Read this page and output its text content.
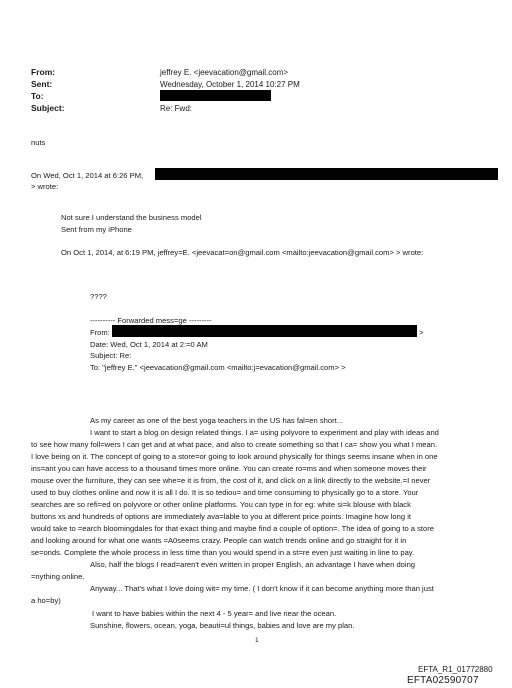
From:	jeffrey E. <jeevacation@gmail.com>
Sent:	Wednesday, October 1, 2014 10:27 PM
To:
Subject:	Re: Fwd:
nuts
On Wed, Oct 1, 2014 at 6:26 PM,
> wrote:
Not sure I understand the business model
Sent from my iPhone
On Oct 1, 2014, at 6:19 PM, jeffrey=E. <jeevacat=on@gmail.com <mailto:jeevacation@gmail.com> > wrote:
????
---------- Forwarded mess=ge ---------
From:	>
Date: Wed, Oct 1, 2014 at 2:=0 AM
Subject: Re:
To: "jeffrey E." <jeevacation@gmail.com <mailto:j=evacation@gmail.com> >
As my career as one of the best yoga teachers in the US has fal=en short...
I want to start a blog on design related things. I a= using polyvore to experiment and play with ideas and
to see how many foll=wers I can get and at what pace, and also to create something so that I ca= show you what I mean.
I love being on it. The concept of going to a store=or going to look around physically for things seems insane when in one
ins=ant you can have access to a thousand times more online. You can create ro=ms and when someone moves their
mouse over the furniture, they can see whe=e it is from, the cost of it, and click on a link directly to the website.=I never
used to buy clothes online and now it is all I do. It is so tediou= and time consuming to physically go to a store. Your
searches are so refi=ed on polyvore or other online platforms. You can type in for eg: white si=k blouse with black
buttons xs and hundreds of options are immediately ava=lable to you at different price points. Imagine how long it
would take to =earch bloomingdales for that exact thing and maybe find a couple of option=. The idea of going to a store
and looking around for what one wants =A0seems crazy. People can watch trends online and go straight for it in
se=onds. Complete the whole process in less time than you would spend in a st=re even just waiting in line to pay.
Also, half the blogs I read=aren't even written in proper English, an advantage I have when doing
=nything online.
Anyway... That's what I love doing wit= my time. ( I don't know if it can become anything more than just
a ho=by)
I want to have babies within the next 4 - 5 year= and live near the ocean.
Sunshine, flowers, ocean, yoga, beauti=ul things, babies and love are my plan.
1
EFTA_R1_01772880
EFTA02590707
